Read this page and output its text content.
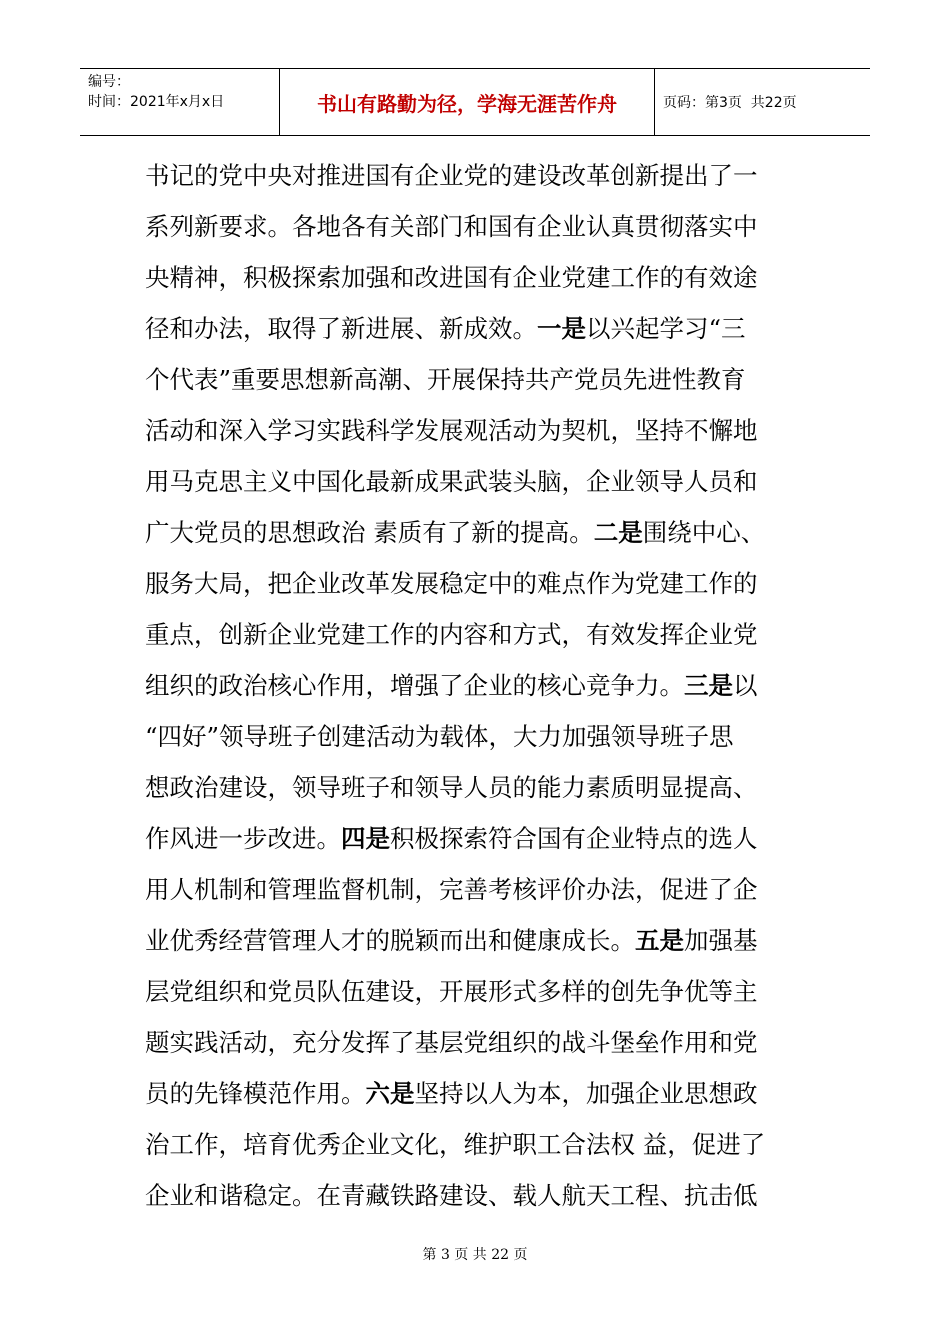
编号：
时间：2021年x月x日	书山有路勤为径，学海无涯苦作舟	页码：第3页  共22页
书记的党中央对推进国有企业党的建设改革创新提出了一
系列新要求。各地各有关部门和国有企业认真贯彻落实中
央精神，积极探索加强和改进国有企业党建工作的有效途
径和办法，取得了新进展、新成效。一是以兴起学习“三
个代表”重要思想新高潮、开展保持共产党员先进性教育
活动和深入学习实践科学发展观活动为契机，坚持不懈地
用马克思主义中国化最新成果武装头脑，企业领导人员和
广大党员的思想政治 素质有了新的提高。二是围绕中心、
服务大局，把企业改革发展稳定中的难点作为党建工作的
重点，创新企业党建工作的内容和方式，有效发挥企业党
组织的政治核心作用，增强了企业的核心竞争力。三是以
“四好”领导班子创建活动为载体，大力加强领导班子思
想政治建设，领导班子和领导人员的能力素质明显提高、
作风进一步改进。四是积极探索符合国有企业特点的选人
用人机制和管理监督机制，完善考核评价办法，促进了企
业优秀经营管理人才的脱颖而出和健康成长。五是加强基
层党组织和党员队伍建设，开展形式多样的创先争优等主
题实践活动，充分发挥了基层党组织的战斗堡垒作用和党
员的先锋模范作用。六是坚持以人为本，加强企业思想政
治工作，培育优秀企业文化，维护职工合法权 益，促进了
企业和谐稳定。在青藏铁路建设、载人航天工程、抗击低
第 3 页 共 22 页
